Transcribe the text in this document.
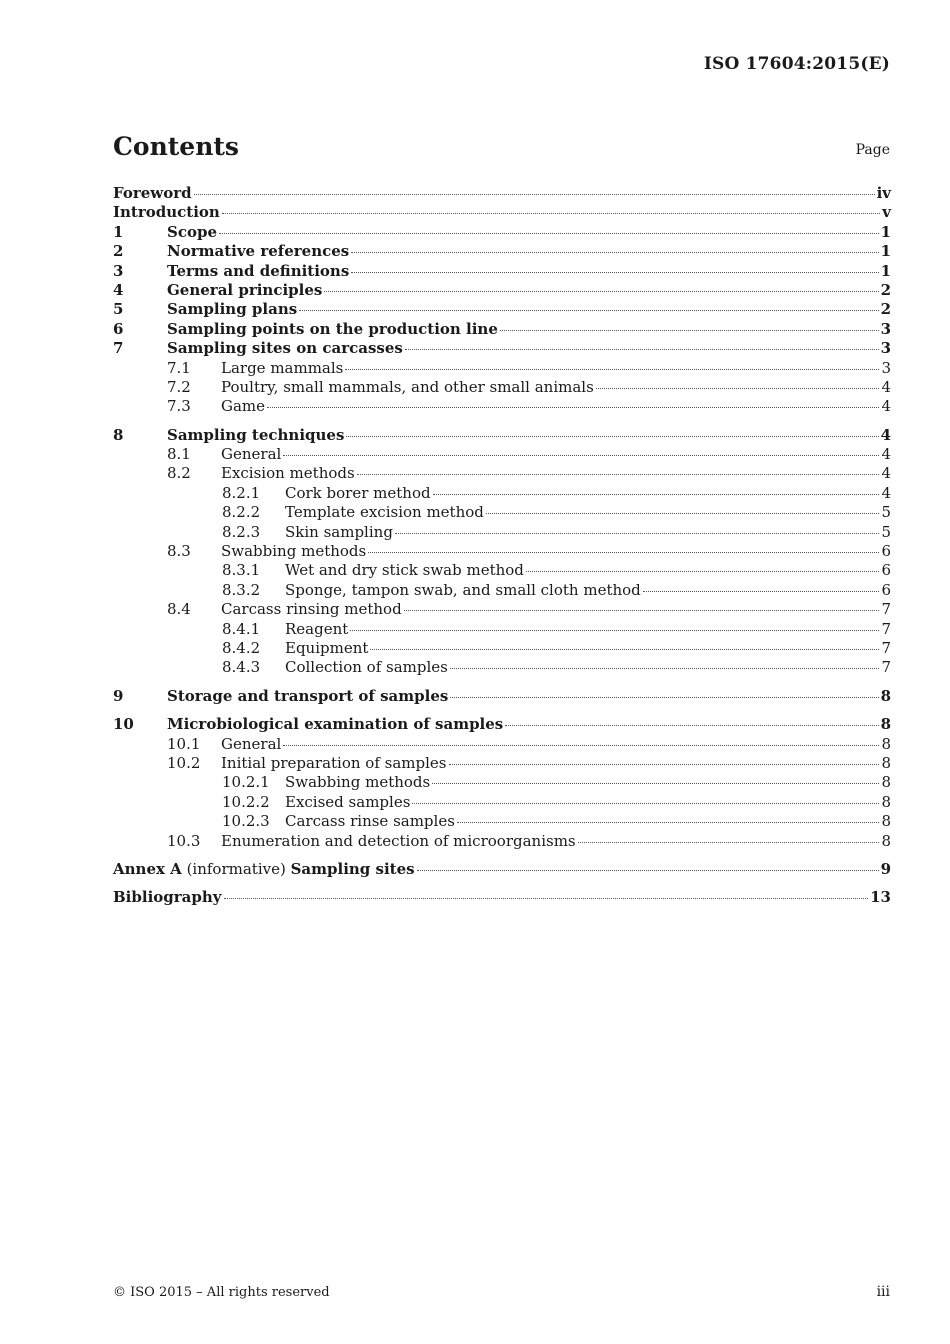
ISO 17604:2015(E)
Contents	Page
Foreword	iv
Introduction	v
1	Scope	1
2	Normative references	1
3	Terms and definitions	1
4	General principles	2
5	Sampling plans	2
6	Sampling points on the production line	3
7	Sampling sites on carcasses	3
7.1	Large mammals	3
7.2	Poultry, small mammals, and other small animals	4
7.3	Game	4
8	Sampling techniques	4
8.1	General	4
8.2	Excision methods	4
8.2.1	Cork borer method	4
8.2.2	Template excision method	5
8.2.3	Skin sampling	5
8.3	Swabbing methods	6
8.3.1	Wet and dry stick swab method	6
8.3.2	Sponge, tampon swab, and small cloth method	6
8.4	Carcass rinsing method	7
8.4.1	Reagent	7
8.4.2	Equipment	7
8.4.3	Collection of samples	7
9	Storage and transport of samples	8
10	Microbiological examination of samples	8
10.1	General	8
10.2	Initial preparation of samples	8
10.2.1	Swabbing methods	8
10.2.2	Excised samples	8
10.2.3	Carcass rinse samples	8
10.3	Enumeration and detection of microorganisms	8
Annex A (informative) Sampling sites	9
Bibliography	13
© ISO 2015 – All rights reserved	iii
